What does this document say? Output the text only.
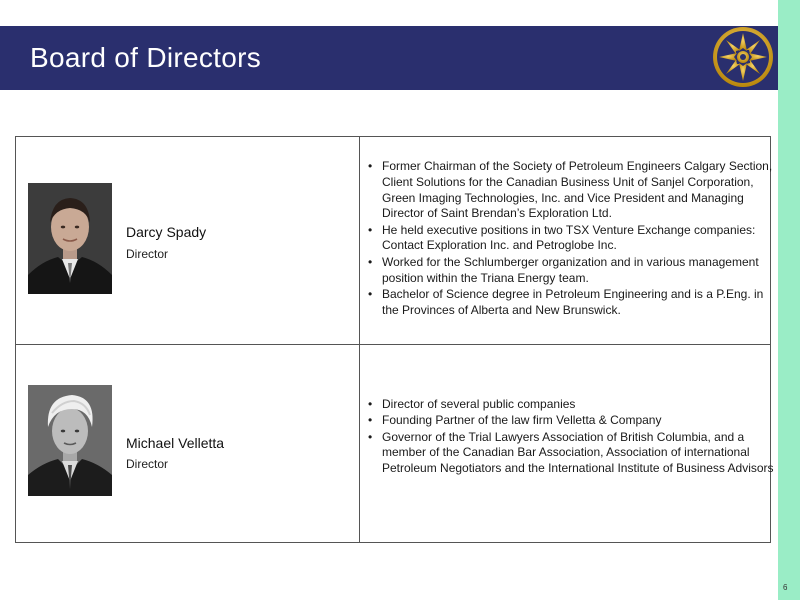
Board of Directors
Darcy Spady
Director
• Former Chairman of the Society of Petroleum Engineers Calgary Section, Client Solutions for the Canadian Business Unit of Sanjel Corporation, Green Imaging Technologies, Inc. and Vice President and Managing Director of Saint Brendan’s Exploration Ltd.
• He held executive positions in two TSX Venture Exchange companies: Contact Exploration Inc. and Petroglobe Inc.
• Worked for the Schlumberger organization and in various management position within the Triana Energy team.
• Bachelor of Science degree in Petroleum Engineering and is a P.Eng. in the Provinces of Alberta and New Brunswick.
Michael Velletta
Director
• Director of several public companies
• Founding Partner of the law firm Velletta & Company
• Governor of the Trial Lawyers Association of British Columbia, and a member of the Canadian Bar Association, Association of international Petroleum Negotiators and the International Institute of Business Advisors
6
